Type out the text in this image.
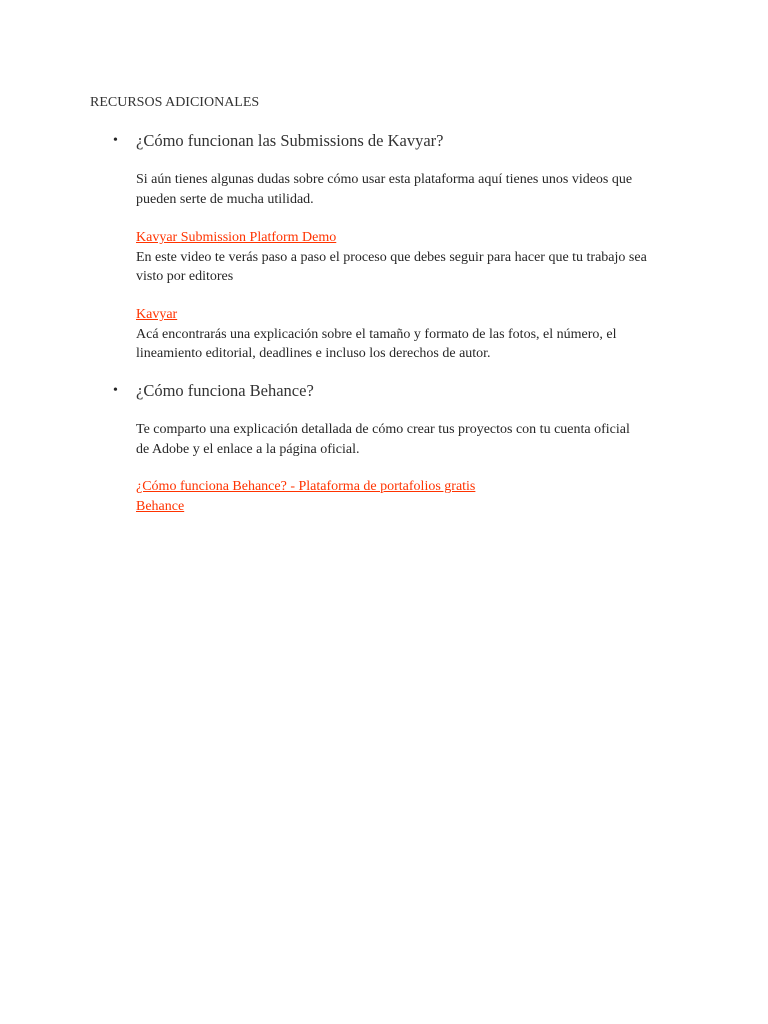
RECURSOS ADICIONALES
• ¿Cómo funcionan las Submissions de Kavyar?
Si aún tienes algunas dudas sobre cómo usar esta plataforma aquí tienes unos videos que
pueden serte de mucha utilidad.
Kavyar Submission Platform Demo
En este video te verás paso a paso el proceso que debes seguir para hacer que tu trabajo sea
visto por editores
Kavyar
Acá encontrarás una explicación sobre el tamaño y formato de las fotos, el número, el
lineamiento editorial, deadlines e incluso los derechos de autor.
• ¿Cómo funciona Behance?
Te comparto una explicación detallada de cómo crear tus proyectos con tu cuenta oficial
de Adobe y el enlace a la página oficial.
¿Cómo funciona Behance? - Plataforma de portafolios gratis
Behance
